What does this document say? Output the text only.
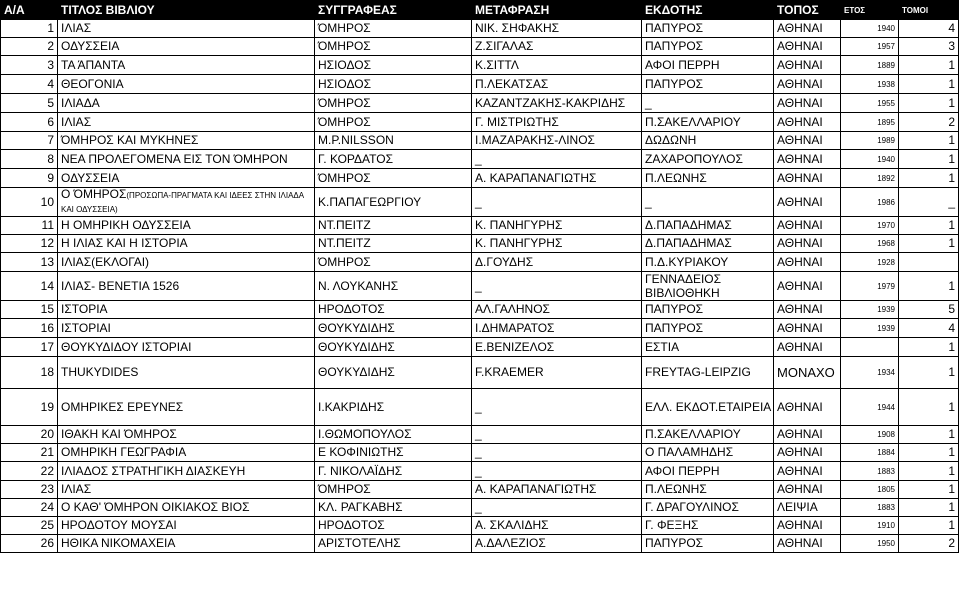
Α/Α	ΤΙΤΛΟΣ ΒΙΒΛΙΟΥ	ΣΥΓΓΡΑΦΕΑΣ	ΜΕΤΑΦΡΑΣΗ	ΕΚΔΟΤΗΣ	ΤΟΠΟΣ	ΕΤΟΣ	ΤΟΜΟΙ
1	ΙΛΙΑΣ	ΌΜΗΡΟΣ	ΝΙΚ. ΣΗΦΑΚΗΣ	ΠΑΠΥΡΟΣ	ΑΘΗΝΑΙ	1940	4
2	ΟΔΥΣΣΕΙΑ	ΌΜΗΡΟΣ	Ζ.ΣΙΓΑΛΑΣ	ΠΑΠΥΡΟΣ	ΑΘΗΝΑΙ	1957	3
3	ΤΑ ΆΠΑΝΤΑ	ΗΣΙΟΔΟΣ	Κ.ΣΙΤΤΛ	ΑΦΟΙ ΠΕΡΡΗ	ΑΘΗΝΑΙ	1889	1
4	ΘΕΟΓΟΝΙΑ	ΗΣΙΟΔΟΣ	Π.ΛΕΚΑΤΣΑΣ	ΠΑΠΥΡΟΣ	ΑΘΗΝΑΙ	1938	1
5	ΙΛΙΑΔΑ	ΌΜΗΡΟΣ	ΚΑΖΑΝΤΖΑΚΗΣ-ΚΑΚΡΙΔΗΣ	_	ΑΘΗΝΑΙ	1955	1
6	ΙΛΙΑΣ	ΌΜΗΡΟΣ	Γ. ΜΙΣΤΡΙΩΤΗΣ	Π.ΣΑΚΕΛΛΑΡΙΟΥ	ΑΘΗΝΑΙ	1895	2
7	ΌΜΗΡΟΣ ΚΑΙ ΜΥΚΗΝΕΣ	Μ.Ρ.NILSSON	Ι.ΜΑΖΑΡΑΚΗΣ-ΛΙΝΟΣ	ΔΩΔΩΝΗ	ΑΘΗΝΑΙ	1989	1
8	ΝΕΑ ΠΡΟΛΕΓΟΜΕΝΑ ΕΙΣ ΤΟΝ ΌΜΗΡΟΝ	Γ. ΚΟΡΔΑΤΟΣ	_	ΖΑΧΑΡΟΠΟΥΛΟΣ	ΑΘΗΝΑΙ	1940	1
9	ΟΔΥΣΣΕΙΑ	ΌΜΗΡΟΣ	Α. ΚΑΡΑΠΑΝΑΓΙΩΤΗΣ	Π.ΛΕΩΝΗΣ	ΑΘΗΝΑΙ	1892	1
10	Ο ΌΜΗΡΟΣ(ΠΡΟΣΩΠΑ-ΠΡΑΓΜΑΤΑ ΚΑΙ ΙΔΕΕΣ ΣΤΗΝ ΙΛΙΑΔΑ ΚΑΙ ΟΔΥΣΣΕΙΑ)	Κ.ΠΑΠΑΓΕΩΡΓΙΟΥ	_	_	ΑΘΗΝΑΙ	1986	_
11	Η ΟΜΗΡΙΚΗ ΟΔΥΣΣΕΙΑ	ΝΤ.ΠΕΙΤΖ	Κ. ΠΑΝΗΓΥΡΗΣ	Δ.ΠΑΠΑΔΗΜΑΣ	ΑΘΗΝΑΙ	1970	1
12	Η ΙΛΙΑΣ ΚΑΙ Η ΙΣΤΟΡΙΑ	ΝΤ.ΠΕΙΤΖ	Κ. ΠΑΝΗΓΥΡΗΣ	Δ.ΠΑΠΑΔΗΜΑΣ	ΑΘΗΝΑΙ	1968	1
13	ΙΛΙΑΣ(ΕΚΛΟΓΑΙ)	ΌΜΗΡΟΣ	Δ.ΓΟΥΔΗΣ	Π.Δ.ΚΥΡΙΑΚΟΥ	ΑΘΗΝΑΙ	1928	
14	ΙΛΙΑΣ- ΒΕΝΕΤΙΑ 1526	Ν. ΛΟΥΚΑΝΗΣ	_	ΓΕΝΝΑΔΕΙΟΣ ΒΙΒΛΙΟΘΗΚΗ	ΑΘΗΝΑΙ	1979	1
15	ΙΣΤΟΡΙΑ	ΗΡΟΔΟΤΟΣ	ΑΛ.ΓΑΛΗΝΟΣ	ΠΑΠΥΡΟΣ	ΑΘΗΝΑΙ	1939	5
16	ΙΣΤΟΡΙΑΙ	ΘΟΥΚΥΔΙΔΗΣ	Ι.ΔΗΜΑΡΑΤΟΣ	ΠΑΠΥΡΟΣ	ΑΘΗΝΑΙ	1939	4
17	ΘΟΥΚΥΔΙΔΟΥ ΙΣΤΟΡΙΑΙ	ΘΟΥΚΥΔΙΔΗΣ	Ε.ΒΕΝΙΖΕΛΟΣ	ΕΣΤΙΑ	ΑΘΗΝΑΙ		1
18	THUKYDIDES	ΘΟΥΚΥΔΙΔΗΣ	F.KRAEMER	FREYTAG-LEIPZIG	ΜΟΝΑΧΟ	1934	1
19	ΟΜΗΡΙΚΕΣ ΕΡΕΥΝΕΣ	Ι.ΚΑΚΡΙΔΗΣ	_	ΕΛΛ. ΕΚΔΟΤ.ΕΤΑΙΡΕΙΑ	ΑΘΗΝΑΙ	1944	1
20	ΙΘΑΚΗ ΚΑΙ ΌΜΗΡΟΣ	Ι.ΘΩΜΟΠΟΥΛΟΣ	_	Π.ΣΑΚΕΛΛΑΡΙΟΥ	ΑΘΗΝΑΙ	1908	1
21	ΟΜΗΡΙΚΗ ΓΕΩΓΡΑΦΙΑ	Ε ΚΟΦΙΝΙΩΤΗΣ	_	Ο ΠΑΛΑΜΗΔΗΣ	ΑΘΗΝΑΙ	1884	1
22	ΙΛΙΑΔΟΣ ΣΤΡΑΤΗΓΙΚΗ ΔΙΑΣΚΕΥΗ	Γ. ΝΙΚΟΛΑΪΔΗΣ	_	ΑΦΟΙ ΠΕΡΡΗ	ΑΘΗΝΑΙ	1883	1
23	ΙΛΙΑΣ	ΌΜΗΡΟΣ	Α. ΚΑΡΑΠΑΝΑΓΙΩΤΗΣ	Π.ΛΕΩΝΗΣ	ΑΘΗΝΑΙ	1805	1
24	Ο ΚΑΘ' ΌΜΗΡΟΝ ΟΙΚΙΑΚΟΣ ΒΙΟΣ	ΚΛ. ΡΑΓΚΑΒΗΣ	_	Γ. ΔΡΑΓΟΥΛΙΝΟΣ	ΛΕΙΨΙΑ	1883	1
25	ΗΡΟΔΟΤΟΥ ΜΟΥΣΑΙ	ΗΡΟΔΟΤΟΣ	Α. ΣΚΑΛΙΔΗΣ	Γ. ΦΕΞΗΣ	ΑΘΗΝΑΙ	1910	1
26	ΗΘΙΚΑ ΝΙΚΟΜΑΧΕΙΑ	ΑΡΙΣΤΟΤΕΛΗΣ	Α.ΔΑΛΕΖΙΟΣ	ΠΑΠΥΡΟΣ	ΑΘΗΝΑΙ	1950	2
